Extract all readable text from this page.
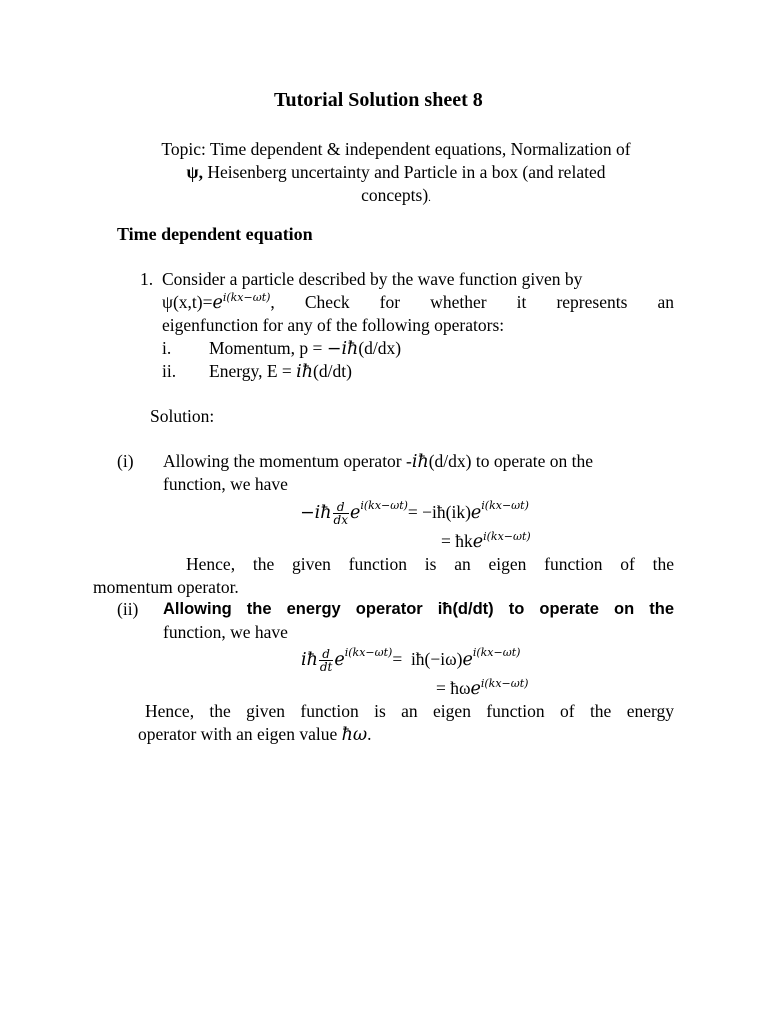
Tutorial Solution sheet 8
Topic: Time dependent & independent equations, Normalization of
ψ, Heisenberg uncertainty and Particle in a box (and related
concepts).
Time dependent equation
1. Consider a particle described by the wave function given by
$\psi(x,t)=e^{i(kx-\omega t)}$, Check for whether it represents an
eigenfunction for any of the following operators:
i. Momentum, p = −iħ(d/dx)
ii. Energy, E = iħ(d/dt)
Solution:
(i) Allowing the momentum operator -iħ(d/dx) to operate on the
function, we have
−iħ $\frac{d}{dx} e^{i(kx-\omega t)}=$ $-iħ(ik)e^{i(kx-\omega t)}$
= ħke$^{i(kx-\omega t)}$
Hence, the given function is an eigen function of the
momentum operator.
(ii) Allowing the energy operator iħ(d/dt) to operate on the
function, we have
iħ $\frac{d}{dt} e^{i(kx-\omega t)}=$  $iħ(-i\omega)e^{i(kx-\omega t)}$
= ħωe$^{i(kx-\omega t)}$
Hence, the given function is an eigen function of the energy
operator with an eigen value ħω.
